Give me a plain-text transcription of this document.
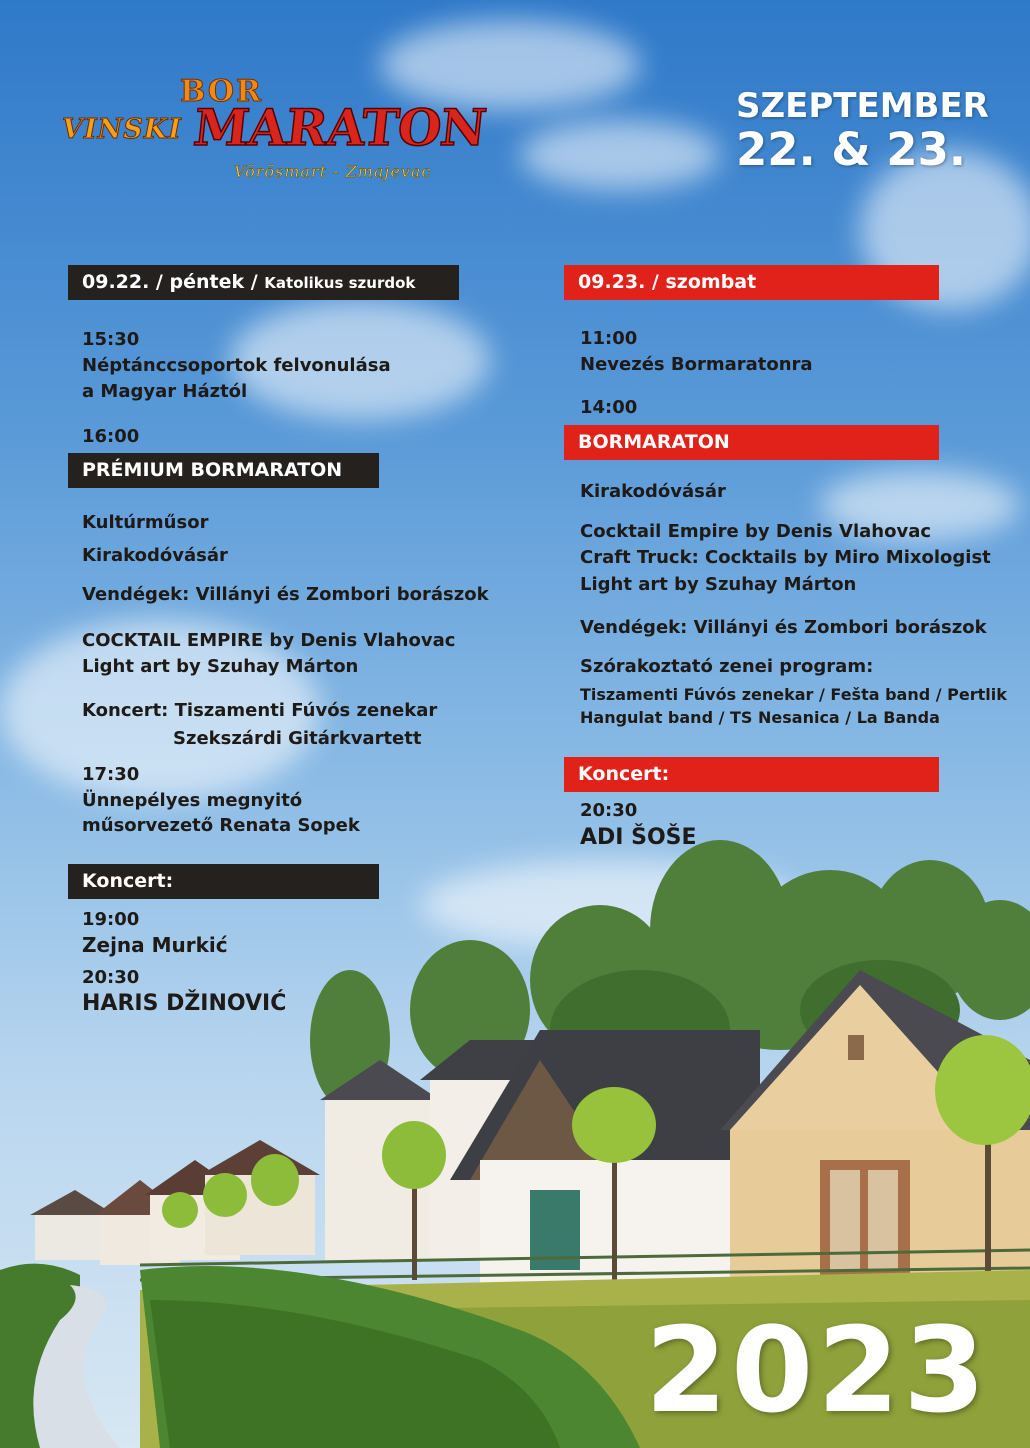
BOR
VINSKI MARATON
Vörösmart - Zmajevac
SZEPTEMBER
22. & 23.
09.22. / péntek / Katolikus szurdok
15:30
Néptánccsoportok felvonulása
a Magyar Háztól
16:00
PRÉMIUM BORMARATON
Kultúrműsor
Kirakodóvásár
Vendégek: Villányi és Zombori borászok
COCKTAIL EMPIRE by Denis Vlahovac
Light art by Szuhay Márton
Koncert: Tiszamenti Fúvós zenekar
Szekszárdi Gitárkvartett
17:30
Ünnepélyes megnyitó
műsorvezető Renata Sopek
Koncert:
19:00
Zejna Murkić
20:30
HARIS DŽINOVIĆ
09.23. / szombat
11:00
Nevezés Bormaratonra
14:00
BORMARATON
Kirakodóvásár
Cocktail Empire by Denis Vlahovac
Craft Truck: Cocktails by Miro Mixologist
Light art by Szuhay Márton
Vendégek: Villányi és Zombori borászok
Szórakoztató zenei program:
Tiszamenti Fúvós zenekar / Fešta band / Pertlik
Hangulat band / TS Nesanica / La Banda
Koncert:
20:30
ADI ŠOŠE
2023
